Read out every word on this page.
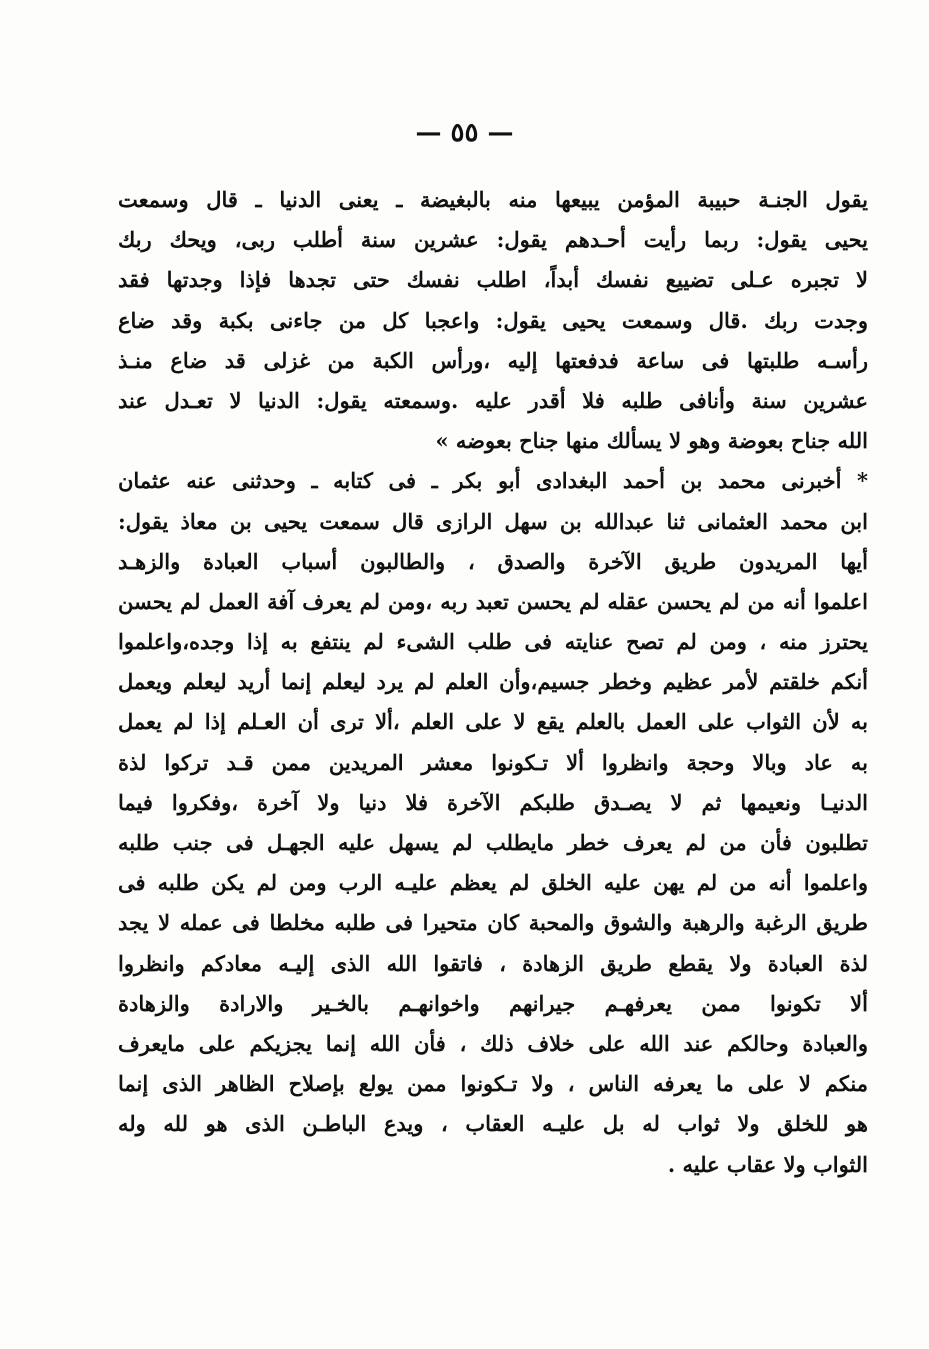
— ٥٥ —
يقول الجنـة حبيبة المؤمن يبيعها منه بالبغيضة ـ يعنى الدنيا ـ قال وسمعت
يحيى يقول: ربما رأيت أحـدهم يقول: عشرين سنة أطلب ربى، ويحك ربك
لا تجبره عـلى تضييع نفسك أبداً، اطلب نفسك حتى تجدها فإذا وجدتها فقد
وجدت ربك .قال وسمعت يحيى يقول: واعجبا كل من جاءنى بكبة وقد ضاع
رأسـه طلبتها فى ساعة فدفعتها إليه ،ورأس الكبة من غزلى قد ضاع منـذ
عشرين سنة وأنافى طلبه فلا أقدر عليه .وسمعته يقول: الدنيا لا تعـدل عند
الله جناح بعوضة وهو لا يسألك منها جناح بعوضه »
* أخبرنى محمد بن أحمد البغدادى أبو بكر ـ فى كتابه ـ وحدثنى عنه عثمان
ابن محمد العثمانى ثنا عبدالله بن سهل الرازى قال سمعت يحيى بن معاذ يقول:
أيها المريدون طريق الآخرة والصدق ، والطالبون أسباب العبادة والزهـد
اعلموا أنه من لم يحسن عقله لم يحسن تعبد ربه ،ومن لم يعرف آفة العمل لم يحسن
يحترز منه ، ومن لم تصح عنايته فى طلب الشىء لم ينتفع به إذا وجده،واعلموا
أنكم خلقتم لأمر عظيم وخطر جسيم،وأن العلم لم يرد ليعلم إنما أريد ليعلم ويعمل
به لأن الثواب على العمل بالعلم يقع لا على العلم ،ألا ترى أن العـلم إذا لم يعمل
به عاد وبالا وحجة وانظروا ألا تـكونوا معشر المريدين ممن قـد تركوا لذة
الدنيـا ونعيمها ثم لا يصـدق طلبكم الآخرة فلا دنيا ولا آخرة ،وفكروا فيما
تطلبون فأن من لم يعرف خطر مايطلب لم يسهل عليه الجهـل فى جنب طلبه
واعلموا أنه من لم يهن عليه الخلق لم يعظم عليـه الرب ومن لم يكن طلبه فى
طريق الرغبة والرهبة والشوق والمحبة كان متحيرا فى طلبه مخلطا فى عمله لا يجد
لذة العبادة ولا يقطع طريق الزهادة ، فاتقوا الله الذى إليـه معادكم وانظروا
ألا تكونوا ممن يعرفهـم جيرانهم واخوانهـم بالخـير والارادة والزهادة
والعبادة وحالكم عند الله على خلاف ذلك ، فأن الله إنما يجزيكم على مايعرف
منكم لا على ما يعرفه الناس ، ولا تـكونوا ممن يولع بإصلاح الظاهر الذى إنما
هو للخلق ولا ثواب له بل عليـه العقاب ، ويدع الباطـن الذى هو لله وله
الثواب ولا عقاب عليه .
